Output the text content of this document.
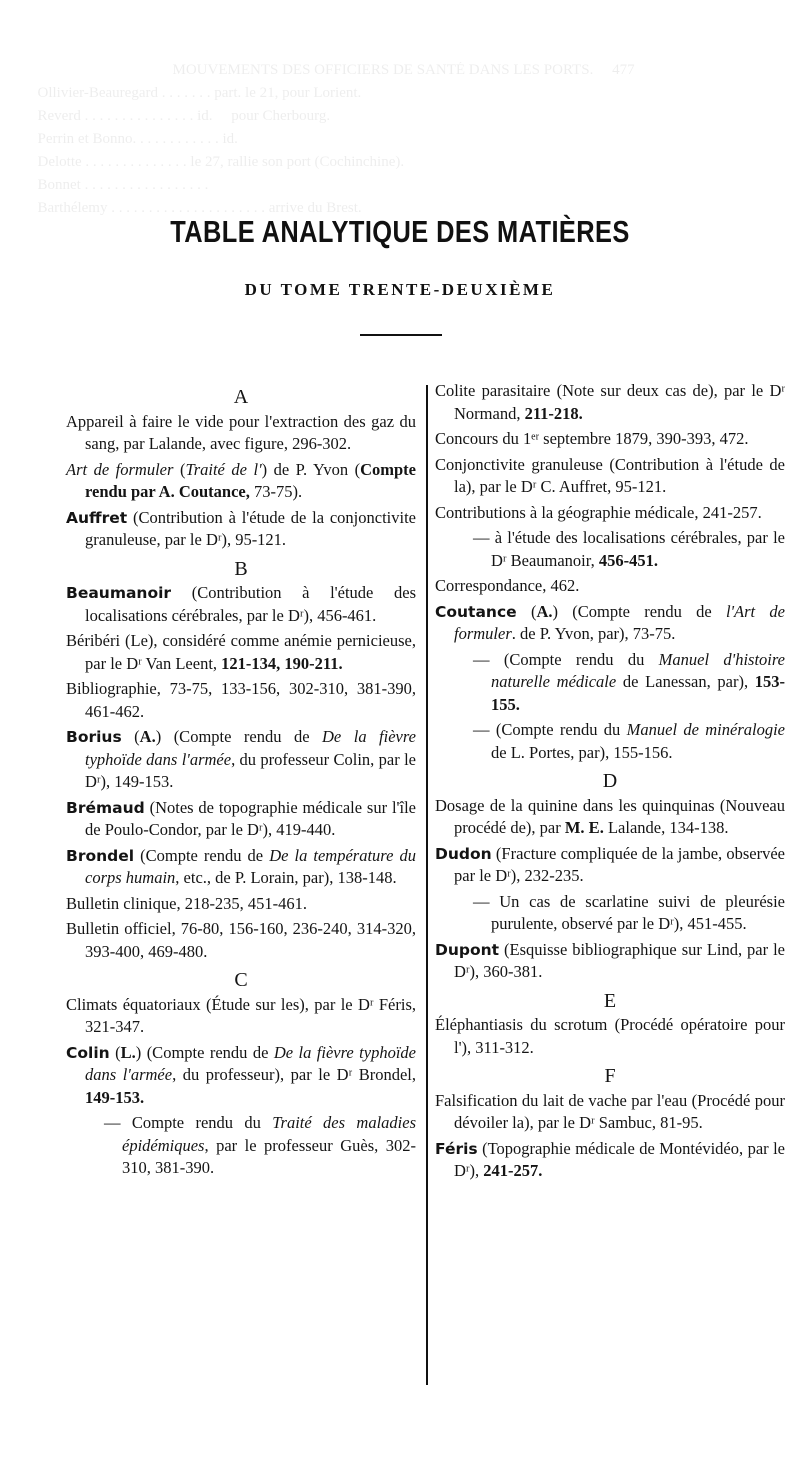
MOUVEMENTS DES OFFICIERS DE SANTÉ DANS LES PORTS.     477
Ollivier-Beauregard . . . . . . . part. le 21, pour Lorient.
Reverd . . . . . . . . . . . . . . . id.     pour Cherbourg.
Perrin et Bonno. . . . . . . . . . . . id.
Delotte . . . . . . . . . . . . . . le 27, rallie son port (Cochinchine).
Bonnet . . . . . . . . . . . . . . . . .
Barthélemy . . . . . . . . . . . . . . . . . . . . . arrive du Brest.
TABLE ANALYTIQUE DES MATIÈRES
DU TOME TRENTE-DEUXIÈME
A
Appareil à faire le vide pour l'extraction des gaz du sang, par Lalande, avec figure, 296-302.
Art de formuler (Traité de l') de P. Yvon (Compte rendu par A. Coutance, 73-75).
Auffret (Contribution à l'étude de la conjonctivite granuleuse, par le Dʳ), 95-121.
B
Beaumanoir (Contribution à l'étude des localisations cérébrales, par le Dʳ), 456-461.
Béribéri (Le), considéré comme anémie pernicieuse, par le Dʳ Van Leent, 121-134, 190-211.
Bibliographie, 73-75, 133-156, 302-310, 381-390, 461-462.
Borius (A.) (Compte rendu de De la fièvre typhoïde dans l'armée, du professeur Colin, par le Dʳ), 149-153.
Brémaud (Notes de topographie médicale sur l'île de Poulo-Condor, par le Dʳ), 419-440.
Brondel (Compte rendu de De la température du corps humain, etc., de P. Lorain, par), 138-148.
Bulletin clinique, 218-235, 451-461.
Bulletin officiel, 76-80, 156-160, 236-240, 314-320, 393-400, 469-480.
C
Climats équatoriaux (Étude sur les), par le Dʳ Féris, 321-347.
Colin (L.) (Compte rendu de De la fièvre typhoïde dans l'armée, du professeur), par le Dʳ Brondel, 149-153.
— Compte rendu du Traité des maladies épidémiques, par le professeur Guès, 302-310, 381-390.
Colite parasitaire (Note sur deux cas de), par le Dʳ Normand, 211-218.
Concours du 1ᵉʳ septembre 1879, 390-393, 472.
Conjonctivite granuleuse (Contribution à l'étude de la), par le Dʳ C. Auffret, 95-121.
Contributions à la géographie médicale, 241-257.
— à l'étude des localisations cérébrales, par le Dʳ Beaumanoir, 456-451.
Correspondance, 462.
Coutance (A.) (Compte rendu de l'Art de formuler. de P. Yvon, par), 73-75.
— (Compte rendu du Manuel d'histoire naturelle médicale de Lanessan, par), 153-155.
— (Compte rendu du Manuel de minéralogie de L. Portes, par), 155-156.
D
Dosage de la quinine dans les quinquinas (Nouveau procédé de), par M. E. Lalande, 134-138.
Dudon (Fracture compliquée de la jambe, observée par le Dʳ), 232-235.
— Un cas de scarlatine suivi de pleurésie purulente, observé par le Dʳ), 451-455.
Dupont (Esquisse bibliographique sur Lind, par le Dʳ), 360-381.
E
Éléphantiasis du scrotum (Procédé opératoire pour l'), 311-312.
F
Falsification du lait de vache par l'eau (Procédé pour dévoiler la), par le Dʳ Sambuc, 81-95.
Féris (Topographie médicale de Montévidéo, par le Dʳ), 241-257.
